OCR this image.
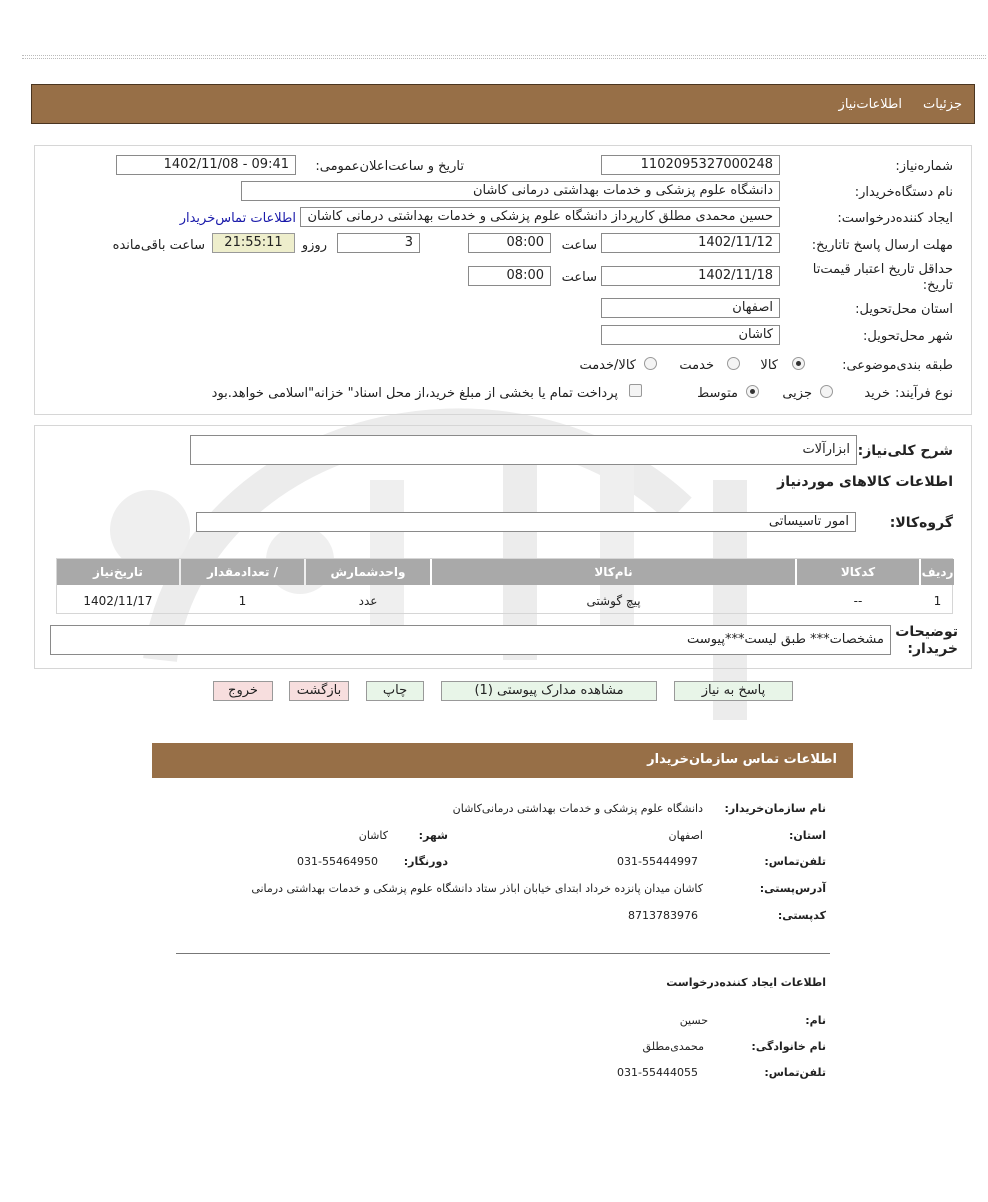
جزئیات
اطلاعات‌نیاز
شماره‌نیاز:
1102095327000248
تاریخ و ساعت‌اعلان‌عمومی:
1402/11/08 - 09:41
نام دستگاه‌خریدار:
دانشگاه علوم پزشکی و خدمات بهداشتی درمانی کاشان
ایجاد کننده‌درخواست:
حسین محمدی مطلق کارپرداز دانشگاه علوم پزشکی و خدمات بهداشتی درمانی کاشان
اطلاعات تماس‌خریدار
مهلت ارسال پاسخ تا‌تاریخ:
1402/11/12
ساعت
08:00
3
روزو
21:55:11
ساعت باقی‌مانده
حداقل تاریخ اعتبار قیمت‌تا
تاریخ:
1402/11/18
ساعت
08:00
استان محل‌تحویل:
اصفهان
شهر محل‌تحویل:
کاشان
طبقه بندی‌موضوعی:
کالا
خدمت
کالا/خدمت
نوع فرآیند:
خرید
جزیی
متوسط
پرداخت تمام یا بخشی از مبلغ خرید،از محل اسناد" خزانه"اسلامی خواهد.بود
شرح کلی‌نیاز:
ابزارآلات
اطلاعات کالاهای موردنیاز
گروه‌کالا:
امور تاسیساتی
ردیف
کدکالا
نام‌کالا
واحدشمارش
تعداد‌مقدار /
تاریخ‌نیاز
1
--
پیچ گوشتی
عدد
1
1402/11/17
توضیحات
خریدار:
مشخصات*** طبق لیست***پیوست
پاسخ به نیاز
مشاهده مدارک پیوستی (1)
چاپ
بازگشت
خروج
اطلاعات تماس سازمان‌خریدار
نام سازمان‌خریدار:
دانشگاه علوم پزشکی و خدمات بهداشتی درمانی‌کاشان
استان:
اصفهان
شهر:
کاشان
تلفن‌تماس:
031-55444997
دورنگار:
031-55464950
آدرس‌پستی:
کاشان میدان پانزده خرداد ابتدای خیابان اباذر ستاد دانشگاه علوم پزشکی و خدمات بهداشتی درمانی
کد‌پستی:
8713783976
اطلاعات ایجاد کننده‌درخواست
نام:
حسین
نام خانوادگی:
محمدی‌مطلق
تلفن‌تماس:
031-55444055
